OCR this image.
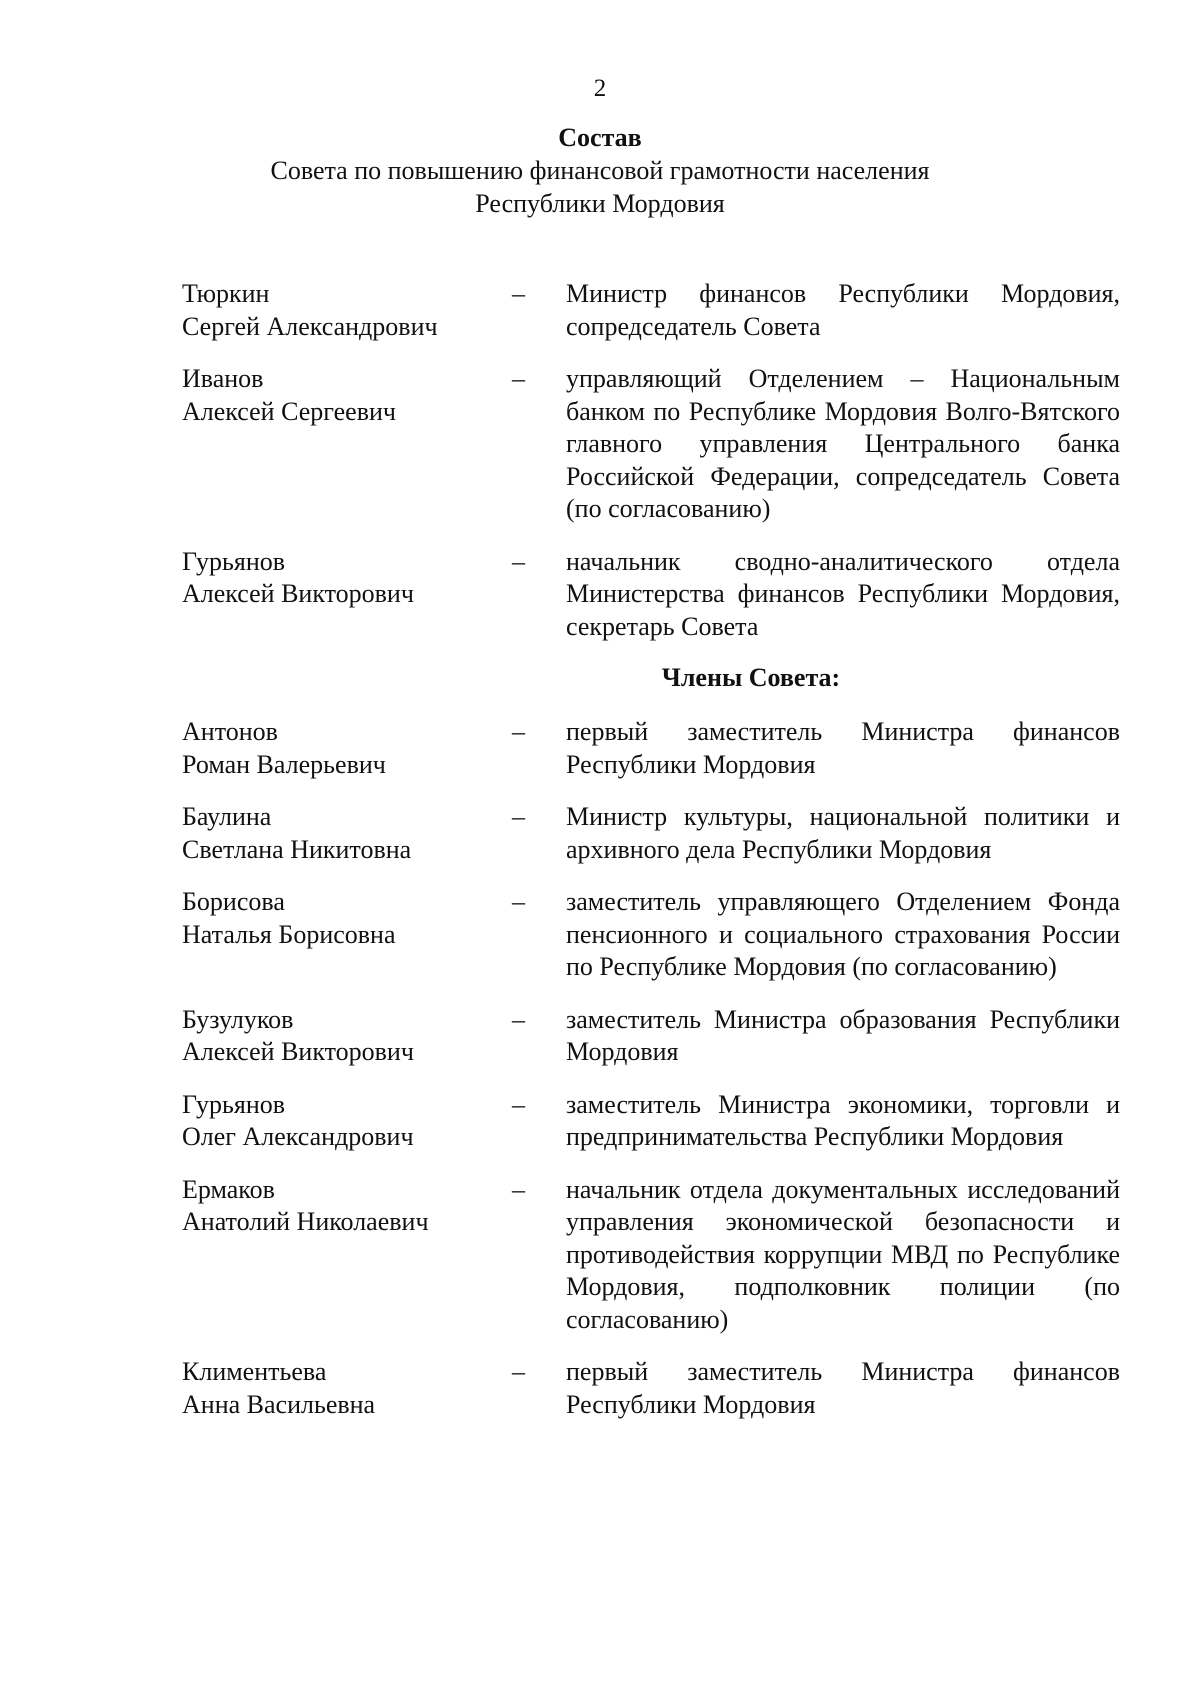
2
Состав
Совета по повышению финансовой грамотности населения
Республики Мордовия
Тюркин
Сергей Александрович
–	Министр финансов Республики Мордовия, сопредседатель Совета
Иванов
Алексей Сергеевич
–	управляющий Отделением – Национальным банком по Республике Мордовия Волго-Вятского главного управления Центрального банка Российской Федерации, сопредседатель Совета (по согласованию)
Гурьянов
Алексей Викторович
–	начальник сводно-аналитического отдела Министерства финансов Республики Мордовия, секретарь Совета
Члены Совета:
Антонов
Роман Валерьевич
–	первый заместитель Министра финансов Республики Мордовия
Баулина
Светлана Никитовна
–	Министр культуры, национальной политики и архивного дела Республики Мордовия
Борисова
Наталья Борисовна
–	заместитель управляющего Отделением Фонда пенсионного и социального страхования России по Республике Мордовия (по согласованию)
Бузулуков
Алексей Викторович
–	заместитель Министра образования Республики Мордовия
Гурьянов
Олег Александрович
–	заместитель Министра экономики, торговли и предпринимательства Республики Мордовия
Ермаков
Анатолий Николаевич
–	начальник отдела документальных исследований управления экономической безопасности и противодействия коррупции МВД по Республике Мордовия, подполковник полиции (по согласованию)
Климентьева
Анна Васильевна
–	первый заместитель Министра финансов Республики Мордовия
